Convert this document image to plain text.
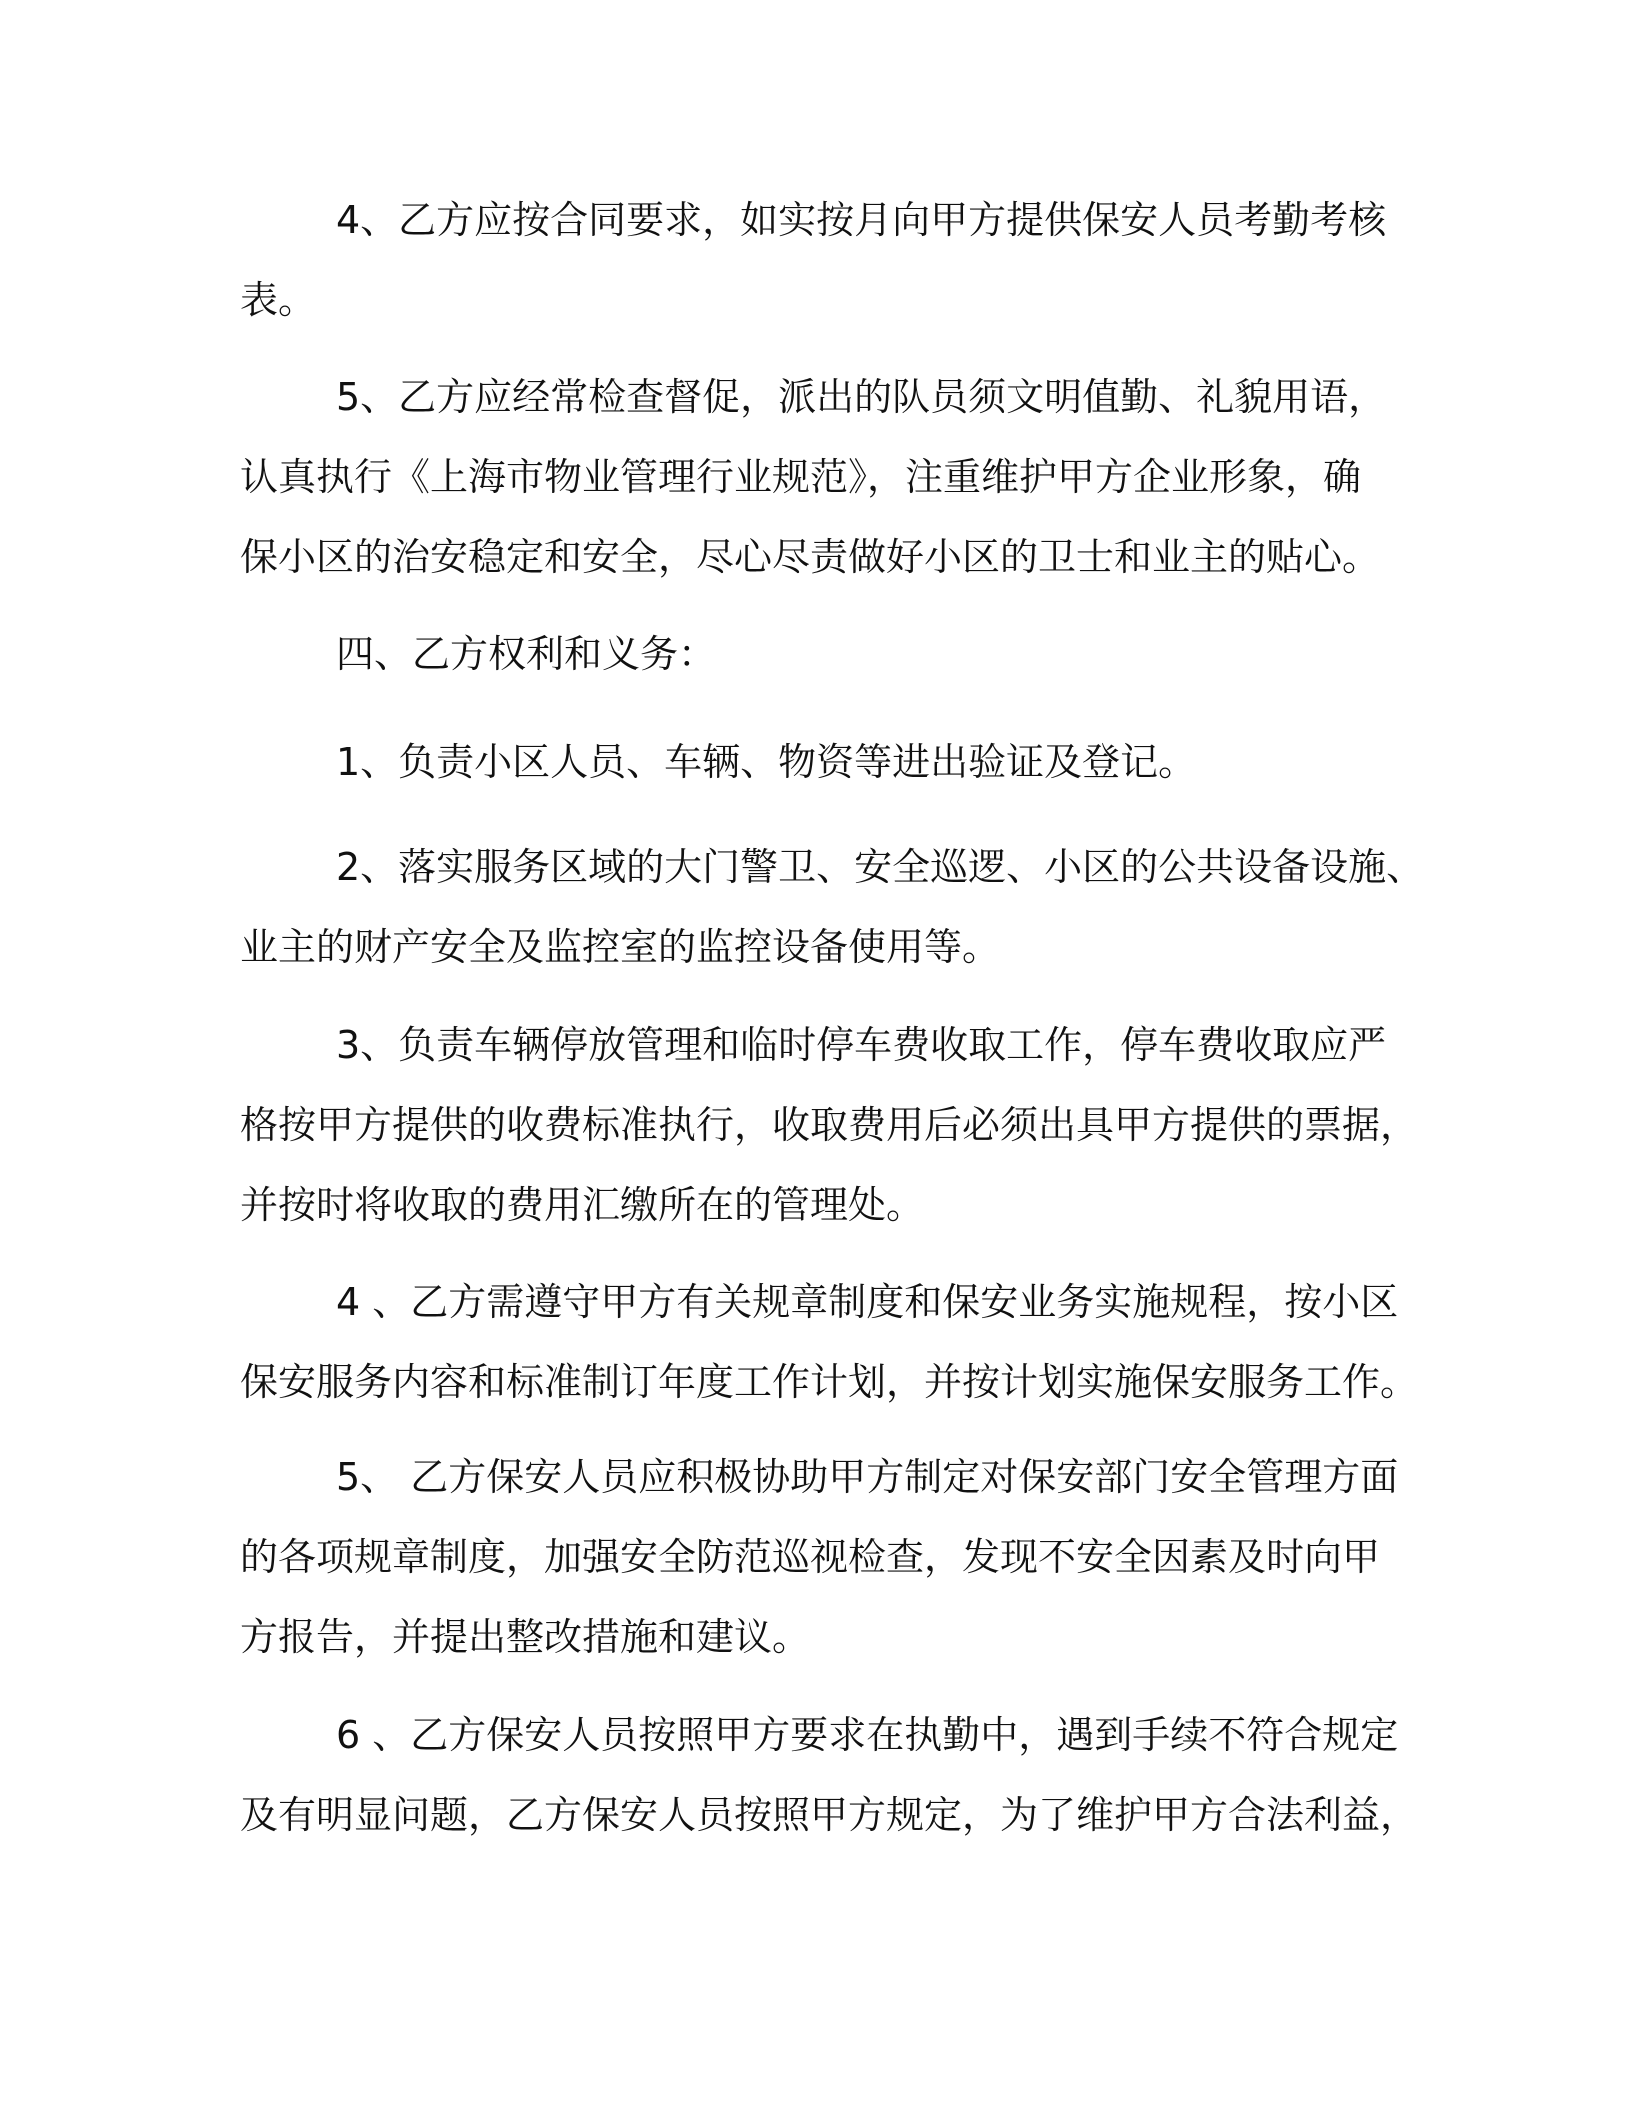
4、乙方应按合同要求，如实按月向甲方提供保安人员考勤考核
表。
5、乙方应经常检查督促，派出的队员须文明值勤、礼貌用语，
认真执行《上海市物业管理行业规范》，注重维护甲方企业形象，确
保小区的治安稳定和安全，尽心尽责做好小区的卫士和业主的贴心。
四、乙方权利和义务：
1、负责小区人员、车辆、物资等进出验证及登记。
2、落实服务区域的大门警卫、安全巡逻、小区的公共设备设施、
业主的财产安全及监控室的监控设备使用等。
3、负责车辆停放管理和临时停车费收取工作，停车费收取应严
格按甲方提供的收费标准执行，收取费用后必须出具甲方提供的票据，
并按时将收取的费用汇缴所在的管理处。
4 、乙方需遵守甲方有关规章制度和保安业务实施规程，按小区
保安服务内容和标准制订年度工作计划，并按计划实施保安服务工作。
5、 乙方保安人员应积极协助甲方制定对保安部门安全管理方面
的各项规章制度，加强安全防范巡视检查，发现不安全因素及时向甲
方报告，并提出整改措施和建议。
6 、乙方保安人员按照甲方要求在执勤中，遇到手续不符合规定
及有明显问题，乙方保安人员按照甲方规定，为了维护甲方合法利益，
